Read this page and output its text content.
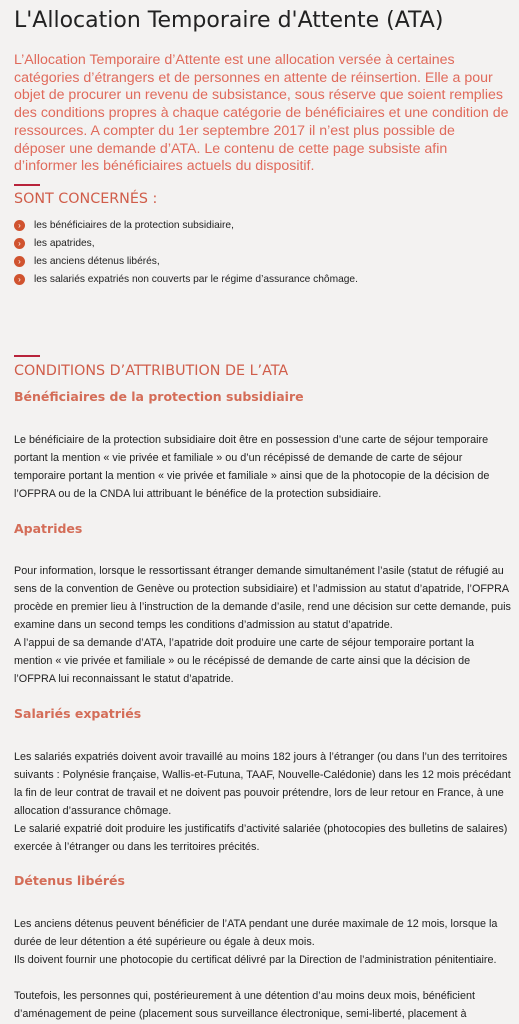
L'Allocation Temporaire d'Attente (ATA)

L’Allocation Temporaire d’Attente est une allocation versée à certaines catégories d’étrangers et de personnes en attente de réinsertion. Elle a pour objet de procurer un revenu de subsistance, sous réserve que soient remplies des conditions propres à chaque catégorie de bénéficiaires et une condition de ressources. A compter du 1er septembre 2017 il n’est plus possible de déposer une demande d’ATA. Le contenu de cette page subsiste afin d’informer les bénéficiaires actuels du dispositif.

SONT CONCERNÉS :
›	les bénéficiaires de la protection subsidiaire,
›	les apatrides,
›	les anciens détenus libérés,
›	les salariés expatriés non couverts par le régime d’assurance chômage.
CONDITIONS D’ATTRIBUTION DE L’ATA
Bénéficiaires de la protection subsidiaire

Le bénéficiaire de la protection subsidiaire doit être en possession d’une carte de séjour temporaire portant la mention « vie privée et familiale » ou d’un récépissé de demande de carte de séjour temporaire portant la mention « vie privée et familiale » ainsi que de la photocopie de la décision de l’OFPRA ou de la CNDA lui attribuant le bénéfice de la protection subsidiaire.

Apatrides

Pour information, lorsque le ressortissant étranger demande simultanément l’asile (statut de réfugié au sens de la convention de Genève ou protection subsidiaire) et l’admission au statut d’apatride, l’OFPRA procède en premier lieu à l’instruction de la demande d’asile, rend une décision sur cette demande, puis examine dans un second temps les conditions d’admission au statut d’apatride.

A l’appui de sa demande d’ATA, l’apatride doit produire une carte de séjour temporaire portant la mention « vie privée et familiale » ou le récépissé de demande de carte ainsi que la décision de l’OFPRA lui reconnaissant le statut d’apatride.

Salariés expatriés

Les salariés expatriés doivent avoir travaillé au moins 182 jours à l’étranger (ou dans l’un des territoires suivants : Polynésie française, Wallis-et-Futuna, TAAF, Nouvelle-Calédonie) dans les 12 mois précédant la fin de leur contrat de travail et ne doivent pas pouvoir prétendre, lors de leur retour en France, à une allocation d’assurance chômage.

Le salarié expatrié doit produire les justificatifs d’activité salariée (photocopies des bulletins de salaires) exercée à l’étranger ou dans les territoires précités.

Détenus libérés

Les anciens détenus peuvent bénéficier de l’ATA pendant une durée maximale de 12 mois, lorsque la durée de leur détention a été supérieure ou égale à deux mois.

Ils doivent fournir une photocopie du certificat délivré par la Direction de l’administration pénitentiaire.

Toutefois, les personnes qui, postérieurement à une détention d’au moins deux mois, bénéficient d’aménagement de peine (placement sous surveillance électronique, semi-liberté, placement à
